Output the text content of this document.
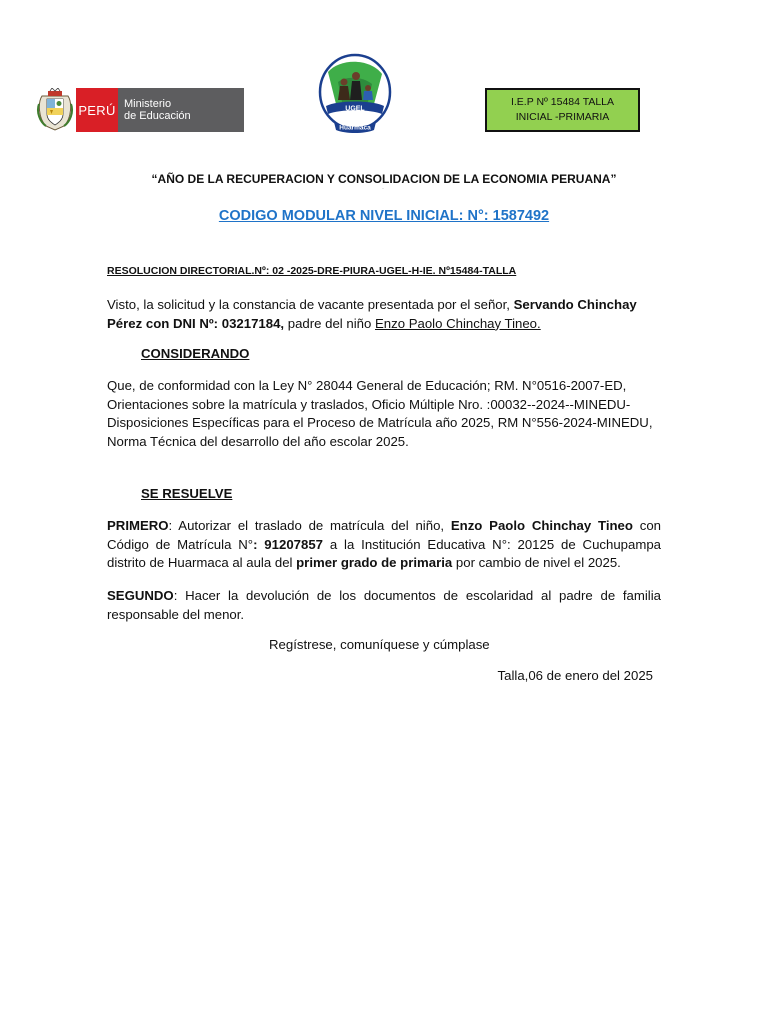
PERÚ Ministerio
de Educación
UGEL
Huarmaca
I.E.P Nº 15484 TALLA
INICIAL -PRIMARIA
“AÑO DE LA RECUPERACION Y CONSOLIDACION DE LA ECONOMIA PERUANA”
·
CODIGO MODULAR NIVEL INICIAL: N°: 1587492
RESOLUCION DIRECTORIAL.Nº: 02 -2025-DRE-PIURA-UGEL-H-IE. Nº15484-TALLA
Visto, la solicitud y la constancia de vacante presentada por el señor, Servando Chinchay Pérez con DNI Nº: 03217184, padre del niño Enzo Paolo Chinchay Tineo.
CONSIDERANDO
Que, de conformidad con la Ley N° 28044 General de Educación; RM. N°0516-2007-ED, Orientaciones sobre la matrícula y traslados, Oficio Múltiple Nro. :00032--2024--MINEDU- Disposiciones Específicas para el Proceso de Matrícula año 2025, RM N°556-2024-MINEDU, Norma Técnica del desarrollo del año escolar 2025.
SE RESUELVE
PRIMERO: Autorizar el traslado de matrícula del niño, Enzo Paolo Chinchay Tineo con Código de Matrícula N°: 91207857 a la Institución Educativa N°: 20125 de Cuchupampa distrito de Huarmaca al aula del primer grado de primaria por cambio de nivel el 2025.
SEGUNDO: Hacer la devolución de los documentos de escolaridad al padre de familia responsable del menor.
Regístrese, comuníquese y cúmplase
Talla,06 de enero del 2025
